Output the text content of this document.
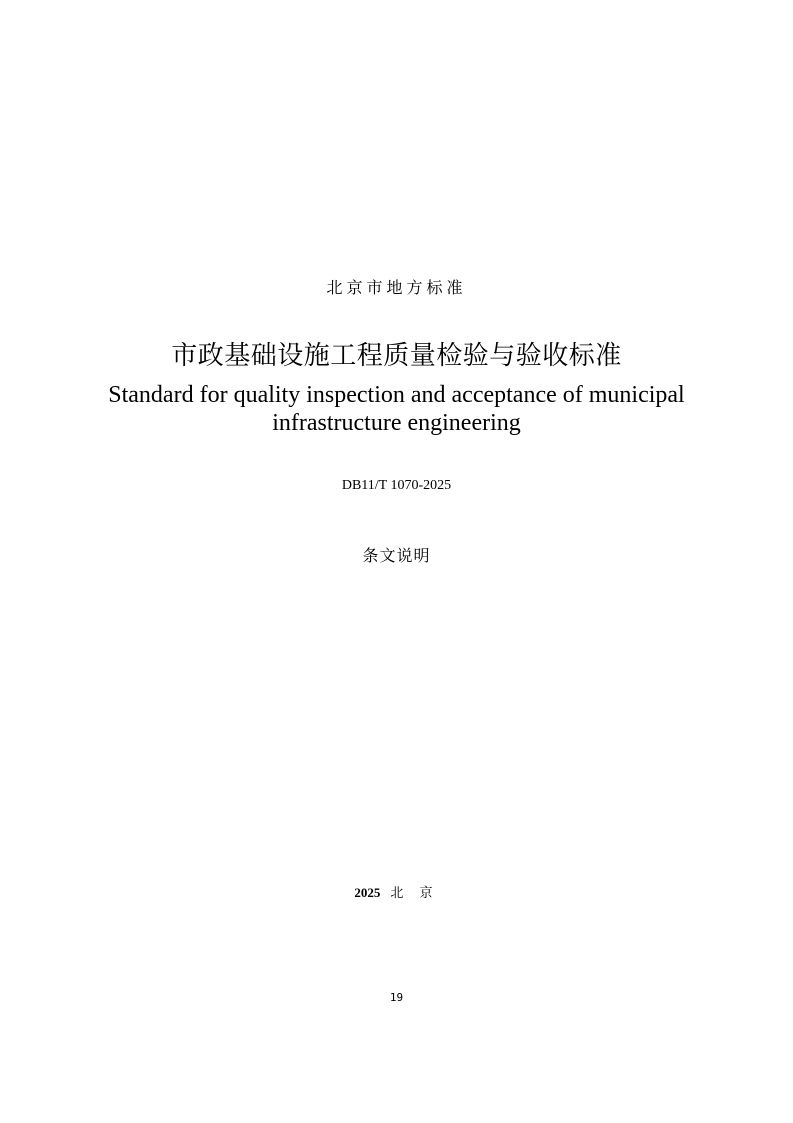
北京市地方标准
市政基础设施工程质量检验与验收标准
Standard for quality inspection and acceptance of municipal
infrastructure engineering
DB11/T 1070-2025
条文说明
2025 北 京
19
